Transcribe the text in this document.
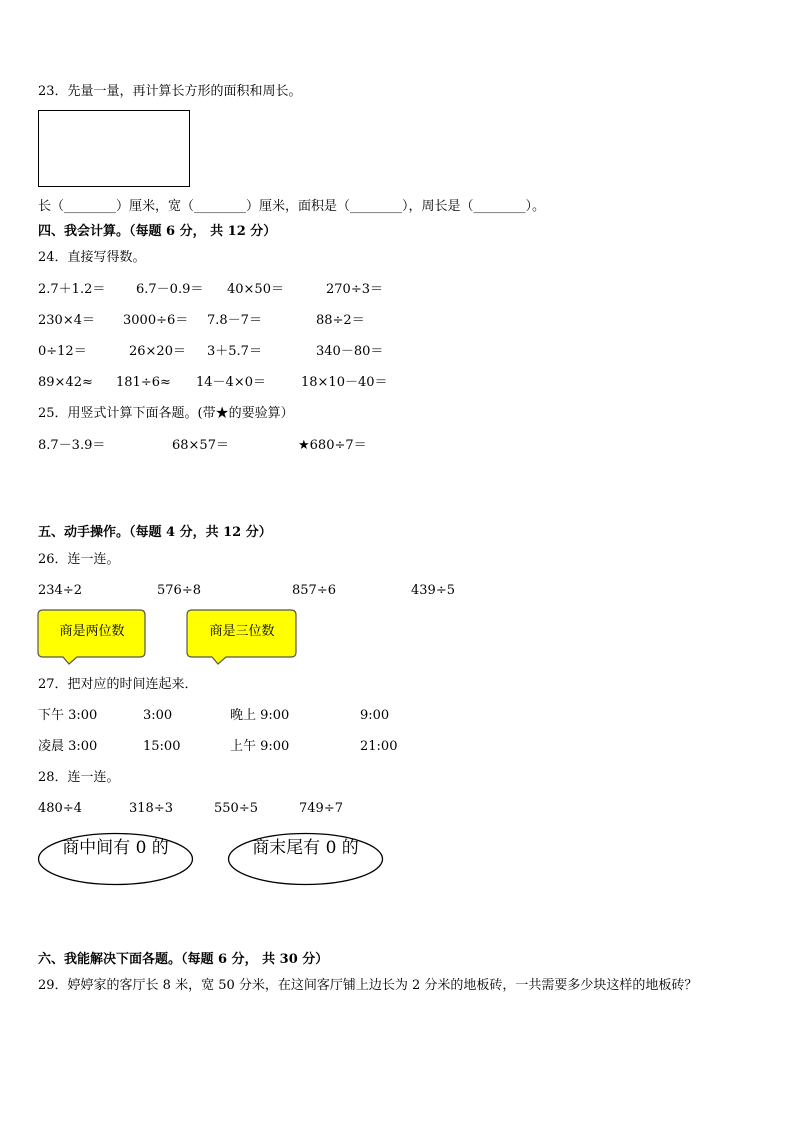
23．先量一量，再计算长方形的面积和周长。
长（________）厘米，宽（________）厘米，面积是（________），周长是（________）。
四、我会计算。（每题 6 分， 共 12 分）
24．直接写得数。
2.7＋1.2＝ 6.7－0.9＝ 40×50＝	270÷3＝
230×4＝ 3000÷6＝ 7.8－7＝	88÷2＝
0÷12＝	26×20＝ 3＋5.7＝	340－80＝
89×42≈ 181÷6≈ 14－4×0＝	18×10－40＝
25．用竖式计算下面各题。(带★的要验算）
8.7－3.9＝	68×57＝	★680÷7＝
五、动手操作。（每题 4 分，共 12 分）
26．连一连。
234÷2	576÷8	857÷6	439÷5
商是两位数	商是三位数
27．把对应的时间连起来．
下午 3:00	3:00	晚上 9:00	9:00
凌晨 3:00	15:00	上午 9:00	21:00
28．连一连。
480÷4	318÷3	550÷5	749÷7
商中间有 0 的	商末尾有 0 的
六、我能解决下面各题。（每题 6 分， 共 30 分）
29．婷婷家的客厅长 8 米，宽 50 分米，在这间客厅铺上边长为 2 分米的地板砖，一共需要多少块这样的地板砖？
